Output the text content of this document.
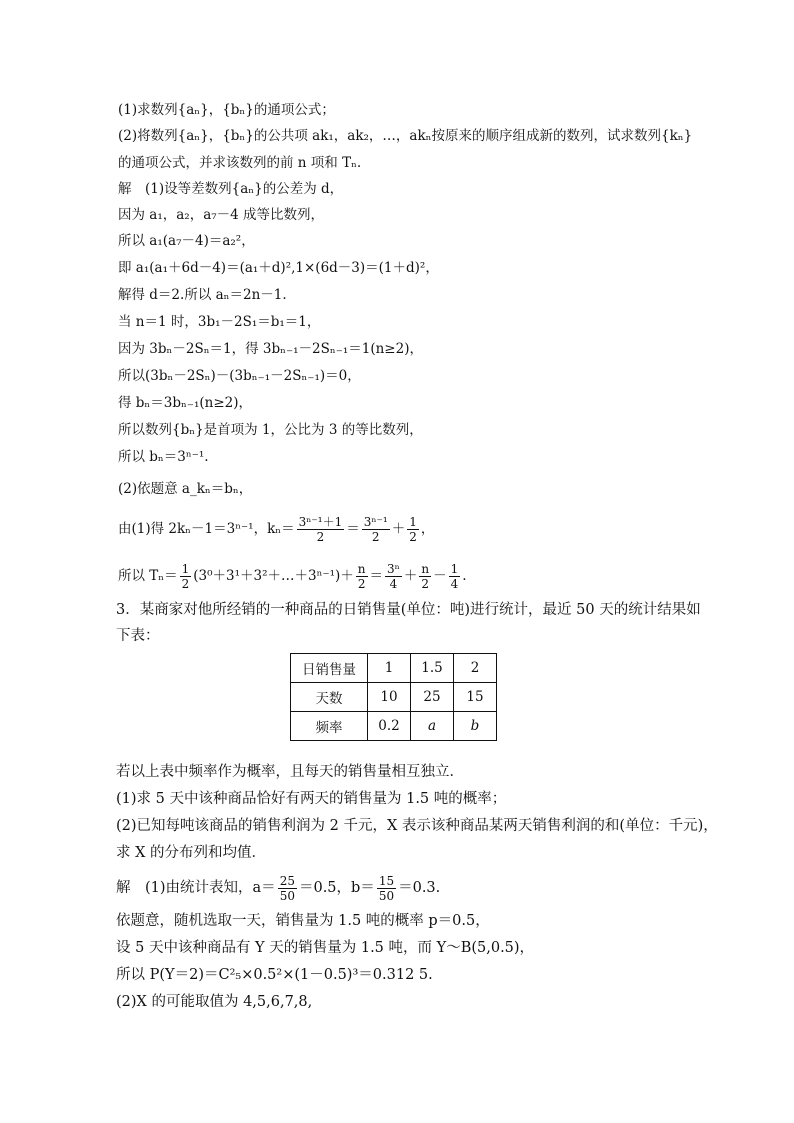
(1)求数列{aₙ}，{bₙ}的通项公式；
(2)将数列{aₙ}，{bₙ}的公共项 ak₁，ak₂，…，akₙ按原来的顺序组成新的数列，试求数列{kₙ}
的通项公式，并求该数列的前 n 项和 Tₙ.
解　(1)设等差数列{aₙ}的公差为 d，
因为 a₁，a₂，a₇－4 成等比数列，
所以 a₁(a₇－4)＝a₂²，
即 a₁(a₁＋6d－4)＝(a₁＋d)²,1×(6d－3)＝(1＋d)²，
解得 d＝2.所以 aₙ＝2n－1.
当 n＝1 时，3b₁－2S₁＝b₁＝1，
因为 3bₙ－2Sₙ＝1，得 3bₙ₋₁－2Sₙ₋₁＝1(n≥2)，
所以(3bₙ－2Sₙ)－(3bₙ₋₁－2Sₙ₋₁)＝0，
得 bₙ＝3bₙ₋₁(n≥2)，
所以数列{bₙ}是首项为 1，公比为 3 的等比数列，
所以 bₙ＝3ⁿ⁻¹.
(2)依题意 a_kₙ＝bₙ，
由(1)得 2kₙ－1＝3ⁿ⁻¹，$k_n= \frac{\text{3ⁿ⁻¹＋1}}{2} = \frac{\text{3ⁿ⁻¹}}{2} + \frac{1}{2}$ ，
所以 $T_n= \frac{1}{2}$ (3⁰＋3¹＋3²＋…＋3ⁿ⁻¹)＋ $\frac{n}{2} = \frac{\text{3ⁿ}}{4} + \frac{n}{2} - \frac{1}{4}$ .
3．某商家对他所经销的一种商品的日销售量(单位：吨)进行统计，最近 50 天的统计结果如
下表：
日销售量	1	1.5	2
天数	10	25	15
频率	0.2	a	b
若以上表中频率作为概率，且每天的销售量相互独立．
(1)求 5 天中该种商品恰好有两天的销售量为 1.5 吨的概率；
(2)已知每吨该商品的销售利润为 2 千元，X 表示该种商品某两天销售利润的和(单位：千元)，
求 X 的分布列和均值．
解　(1)由统计表知，$a= \frac{25}{50} =0.5$，$b= \frac{15}{50} =0.3$.
依题意，随机选取一天，销售量为 1.5 吨的概率 p＝0.5，
设 5 天中该种商品有 Y 天的销售量为 1.5 吨，而 Y～B(5,0.5)，
所以 P(Y＝2)＝C²₅×0.5²×(1－0.5)³＝0.312 5.
(2)X 的可能取值为 4,5,6,7,8,
